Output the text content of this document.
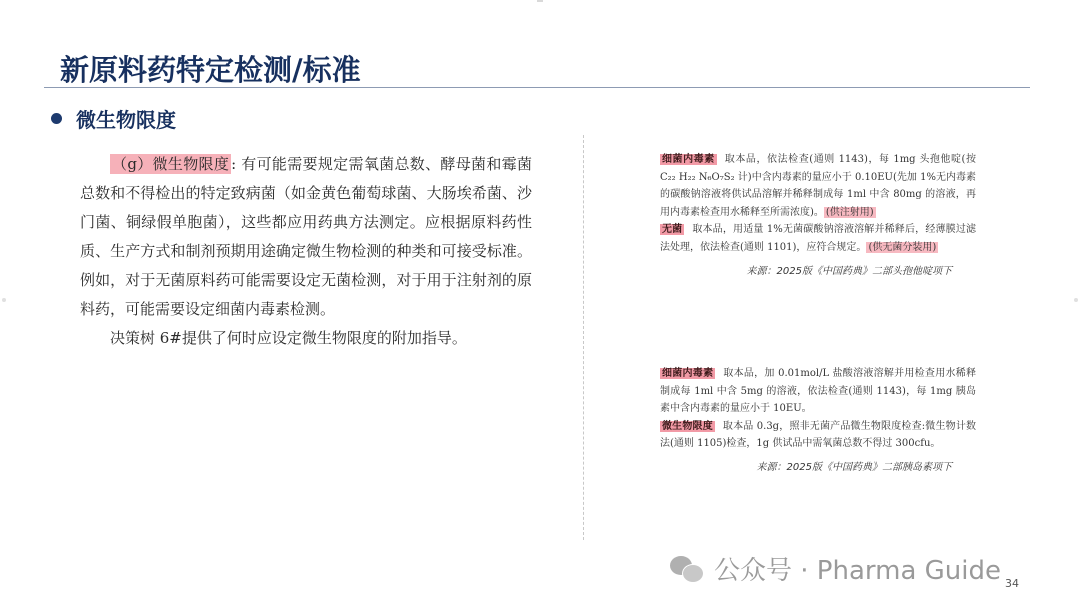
新原料药特定检测/标准
微生物限度

（g）微生物限度 : 有可能需要规定需氧菌总数、酵母菌和霉菌总数和不得检出的特定致病菌（如金黄色葡萄球菌、大肠埃希菌、沙门菌、铜绿假单胞菌），这些都应用药典方法测定。应根据原料药性质、生产方式和制剂预期用途确定微生物检测的种类和可接受标准。例如，对于无菌原料药可能需要设定无菌检测，对于用于注射剂的原料药，可能需要设定细菌内毒素检测。

决策树 6#提供了何时应设定微生物限度的附加指导。

细菌内毒素 取本品，依法检查(通则 1143)，每 1mg 头孢他啶(按 C₂₂ H₂₂ N₆O₇S₂ 计)中含内毒素的量应小于 0.10EU(先加 1%无内毒素的碳酸钠溶液将供试品溶解并稀释制成每 1ml 中含 80mg 的溶液，再用内毒素检查用水稀释至所需浓度)。 (供注射用)

无菌 取本品，用适量 1%无菌碳酸钠溶液溶解并稀释后，经薄膜过滤法处理，依法检查(通则 1101)，应符合规定。 (供无菌分装用)

来源：2025版《中国药典》二部头孢他啶项下

细菌内毒素 取本品，加 0.01mol/L 盐酸溶液溶解并用检查用水稀释制成每 1ml 中含 5mg 的溶液，依法检查(通则 1143)，每 1mg 胰岛素中含内毒素的量应小于 10EU。

微生物限度 取本品 0.3g，照非无菌产品微生物限度检查:微生物计数法(通则 1105)检查，1g 供试品中需氧菌总数不得过 300cfu。

来源：2025版《中国药典》二部胰岛素项下
公众号 · Pharma Guide 34
